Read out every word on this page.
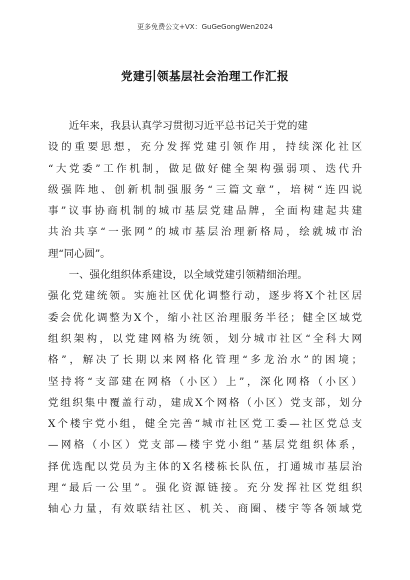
更多免费公文+VX：GuGeGongWen2024
党建引领基层社会治理工作汇报
　　近年来，我县认真学习贯彻习近平总书记关于党的建
设的重要思想，充分发挥党建引领作用，持续深化社区
“大党委”工作机制，做足做好健全架构强弱项、迭代升
级强阵地、创新机制强服务“三篇文章”，培树“连四说
事”议事协商机制的城市基层党建品牌，全面构建起共建
共治共享“一张网”的城市基层治理新格局，绘就城市治
理“同心圆”。
　　一、强化组织体系建设，以全域党建引领精细治理。
强化党建统领。实施社区优化调整行动，逐步将X个社区居
委会优化调整为X个，缩小社区治理服务半径；健全区域党
组织架构，以党建网格为统领，划分城市社区“全科大网
格”，解决了长期以来网格化管理“多龙治水”的困境；
坚持将“支部建在网格（小区）上”，深化网格（小区）
党组织集中覆盖行动，建成X个网格（小区）党支部，划分
X个楼宇党小组，健全完善“城市社区党工委—社区党总支
—网格（小区）党支部—楼宇党小组”基层党组织体系，
择优选配以党员为主体的X名楼栋长队伍，打通城市基层治
理“最后一公里”。强化资源链接。充分发挥社区党组织
轴心力量，有效联结社区、机关、商圈、楼宇等各领域党
